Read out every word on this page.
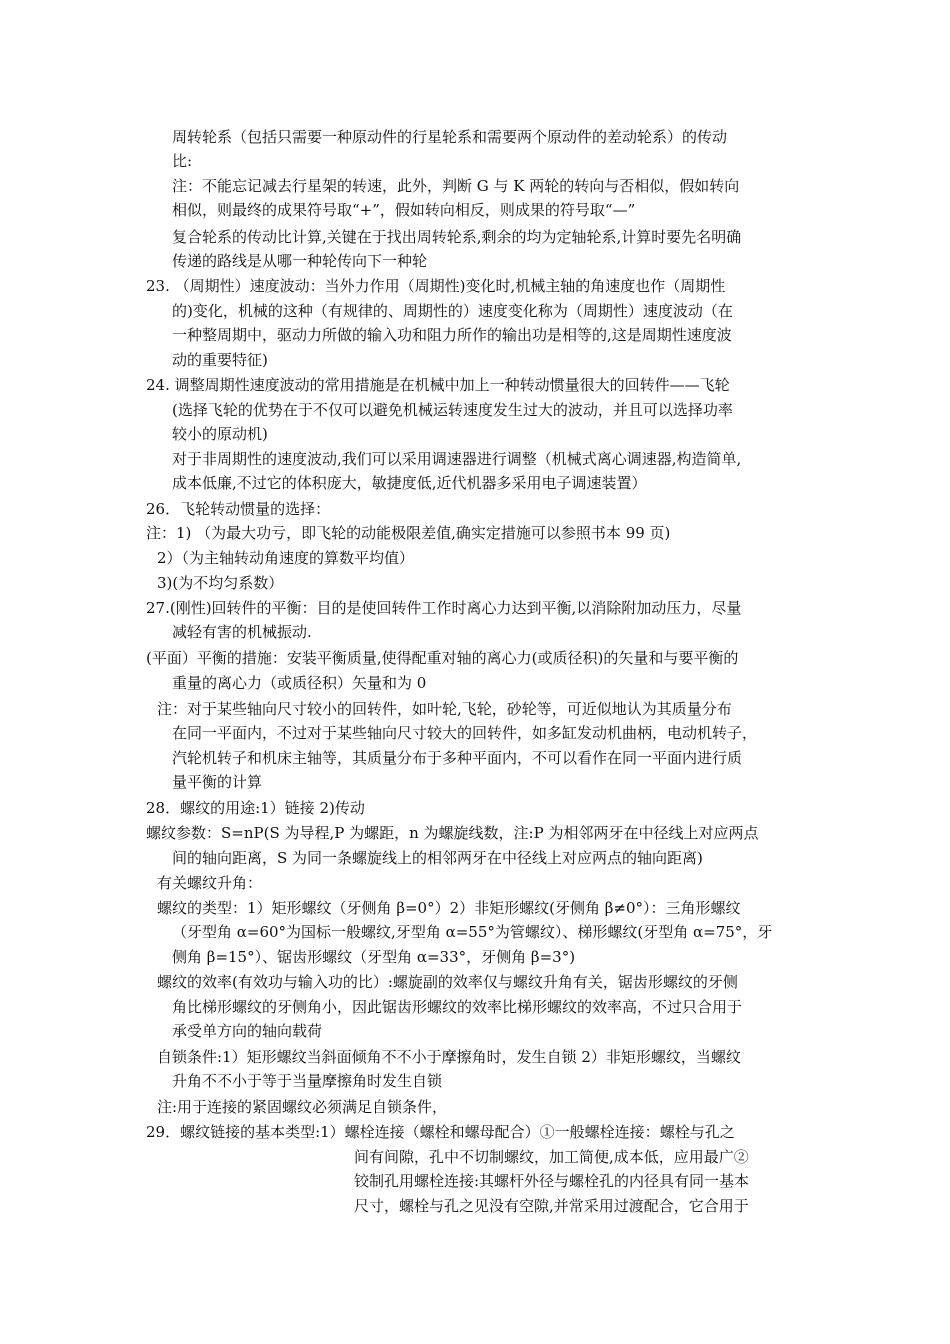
周转轮系（包括只需要一种原动件的行星轮系和需要两个原动件的差动轮系）的传动
比:
注：不能忘记减去行星架的转速，此外，判断 G 与 K 两轮的转向与否相似，假如转向
相似，则最终的成果符号取“+”，假如转向相反，则成果的符号取“—”
复合轮系的传动比计算,关键在于找出周转轮系,剩余的均为定轴轮系,计算时要先名明确
传递的路线是从哪一种轮传向下一种轮
23. （周期性）速度波动：当外力作用（周期性)变化时,机械主轴的角速度也作（周期性
的)变化，机械的这种（有规律的、周期性的）速度变化称为（周期性）速度波动（在
一种整周期中，驱动力所做的输入功和阻力所作的输出功是相等的,这是周期性速度波
动的重要特征)
24. 调整周期性速度波动的常用措施是在机械中加上一种转动惯量很大的回转件——飞轮
(选择飞轮的优势在于不仅可以避免机械运转速度发生过大的波动，并且可以选择功率
较小的原动机)
对于非周期性的速度波动,我们可以采用调速器进行调整（机械式离心调速器,构造简单,
成本低廉,不过它的体积庞大，敏捷度低,近代机器多采用电子调速装置）
26．飞轮转动惯量的选择：
注：1) （为最大功亏，即飞轮的动能极限差值,确实定措施可以参照书本 99 页)
2）（为主轴转动角速度的算数平均值）
3)(为不均匀系数）
27.(刚性)回转件的平衡：目的是使回转件工作时离心力达到平衡,以消除附加动压力，尽量
减轻有害的机械振动.
(平面）平衡的措施：安装平衡质量,使得配重对轴的离心力(或质径积)的矢量和与要平衡的
重量的离心力（或质径积）矢量和为 0
注：对于某些轴向尺寸较小的回转件，如叶轮,飞轮，砂轮等，可近似地认为其质量分布
在同一平面内，不过对于某些轴向尺寸较大的回转件，如多缸发动机曲柄，电动机转子，
汽轮机转子和机床主轴等，其质量分布于多种平面内，不可以看作在同一平面内进行质
量平衡的计算
28．螺纹的用途:1）链接 2)传动
螺纹参数：S=nP(S 为导程,P 为螺距，n 为螺旋线数，注:P 为相邻两牙在中径线上对应两点
间的轴向距离，S 为同一条螺旋线上的相邻两牙在中径线上对应两点的轴向距离)
有关螺纹升角：
螺纹的类型：1）矩形螺纹（牙侧角 β=0°）2）非矩形螺纹(牙侧角 β≠0°）：三角形螺纹
（牙型角 α=60°为国标一般螺纹,牙型角 α=55°为管螺纹）、梯形螺纹(牙型角 α=75°，牙
侧角 β=15°）、锯齿形螺纹（牙型角 α=33°，牙侧角 β=3°)
螺纹的效率(有效功与输入功的比）:螺旋副的效率仅与螺纹升角有关，锯齿形螺纹的牙侧
角比梯形螺纹的牙侧角小，因此锯齿形螺纹的效率比梯形螺纹的效率高，不过只合用于
承受单方向的轴向载荷
自锁条件:1）矩形螺纹当斜面倾角不不小于摩擦角时，发生自锁 2）非矩形螺纹，当螺纹
升角不不小于等于当量摩擦角时发生自锁
注:用于连接的紧固螺纹必须满足自锁条件，
29．螺纹链接的基本类型:1）螺栓连接（螺栓和螺母配合）①一般螺栓连接：螺栓与孔之
间有间隙，孔中不切制螺纹，加工简便,成本低，应用最广②
铰制孔用螺栓连接:其螺杆外径与螺栓孔的内径具有同一基本
尺寸，螺栓与孔之见没有空隙,并常采用过渡配合，它合用于
